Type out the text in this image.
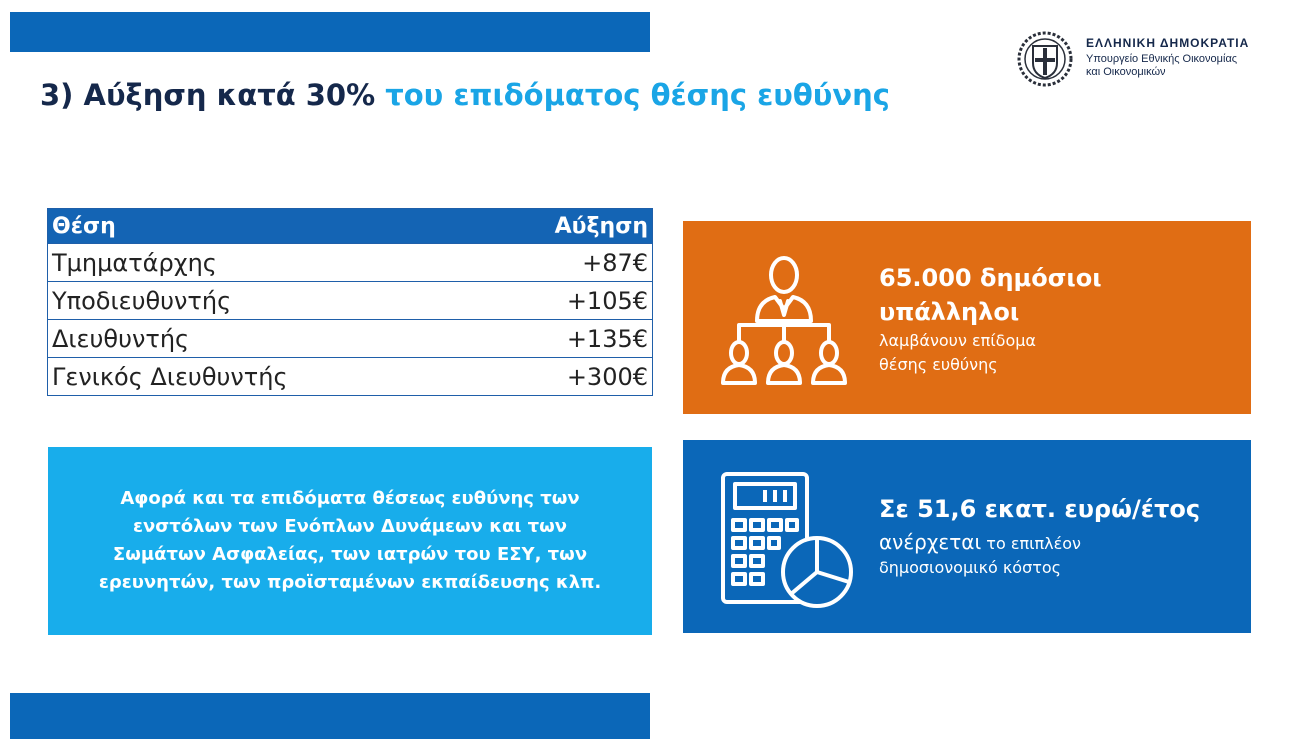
3) Αύξηση κατά 30% του επιδόματος θέσης ευθύνης
ΕΛΛΗΝΙΚΗ ΔΗΜΟΚΡΑΤΙΑ
Υπουργείο Εθνικής Οικονομίας
και Οικονομικών
Θέση	Αύξηση
Τμηματάρχης	+87€
Υποδιευθυντής	+105€
Διευθυντής	+135€
Γενικός Διευθυντής	+300€
Αφορά και τα επιδόματα θέσεως ευθύνης των ενστόλων των Ενόπλων Δυνάμεων και των Σωμάτων Ασφαλείας, των ιατρών του ΕΣΥ, των ερευνητών, των προϊσταμένων εκπαίδευσης κλπ.
65.000 δημόσιοι
υπάλληλοι
λαμβάνουν επίδομα
θέσης ευθύνης
Σε 51,6 εκατ. ευρώ/έτος
ανέρχεται το επιπλέον
δημοσιονομικό κόστος
